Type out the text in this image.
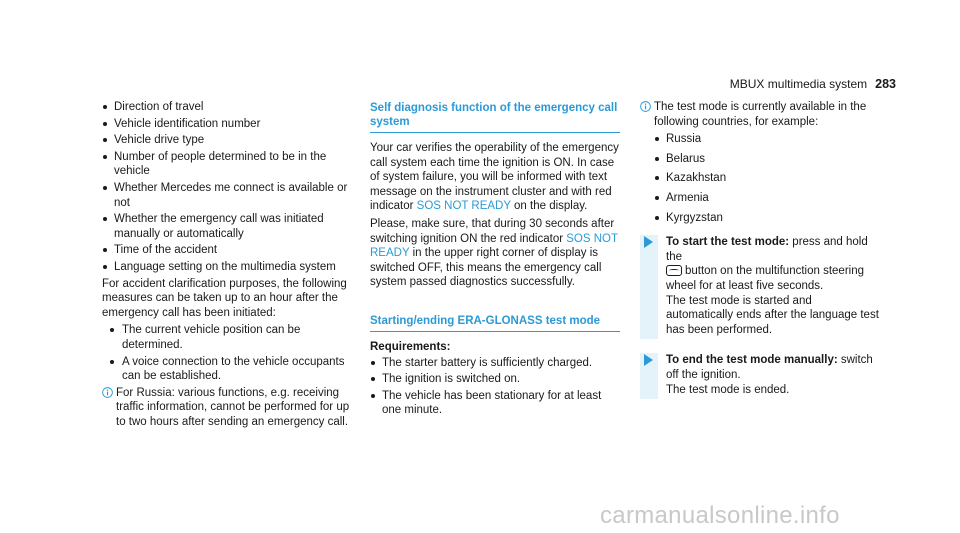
MBUX multimedia system 283
Direction of travel
Vehicle identification number
Vehicle drive type
Number of people determined to be in the vehicle
Whether Mercedes me connect is available or not
Whether the emergency call was initiated manually or automatically
Time of the accident
Language setting on the multimedia system

For accident clarification purposes, the following measures can be taken up to an hour after the emergency call has been initiated:

The current vehicle position can be determined.
A voice connection to the vehicle occupants can be established.
For Russia: various functions, e.g. receiving traffic information, cannot be performed for up to two hours after sending an emergency call.
Self diagnosis function of the emergency call system

Your car verifies the operability of the emergency call system each time the ignition is ON. In case of system failure, you will be informed with text message on the instrument cluster and with red indicator SOS NOT READY on the display.

Please, make sure, that during 30 seconds after switching ignition ON the red indicator SOS NOT READY in the upper right corner of display is switched OFF, this means the emergency call system passed diagnostics successfully.

Starting/ending ERA-GLONASS test mode

Requirements:

The starter battery is sufficiently charged.
The ignition is switched on.
The vehicle has been stationary for at least one minute.
The test mode is currently available in the following countries, for example:
Russia
Belarus
Kazakhstan
Armenia
Kyrgyzstan

To start the test mode: press and hold the
button on the multifunction steering wheel for at least five seconds.

The test mode is started and automatically ends after the language test has been performed.

To end the test mode manually: switch off the ignition.

The test mode is ended.

carmanualsonline.info
